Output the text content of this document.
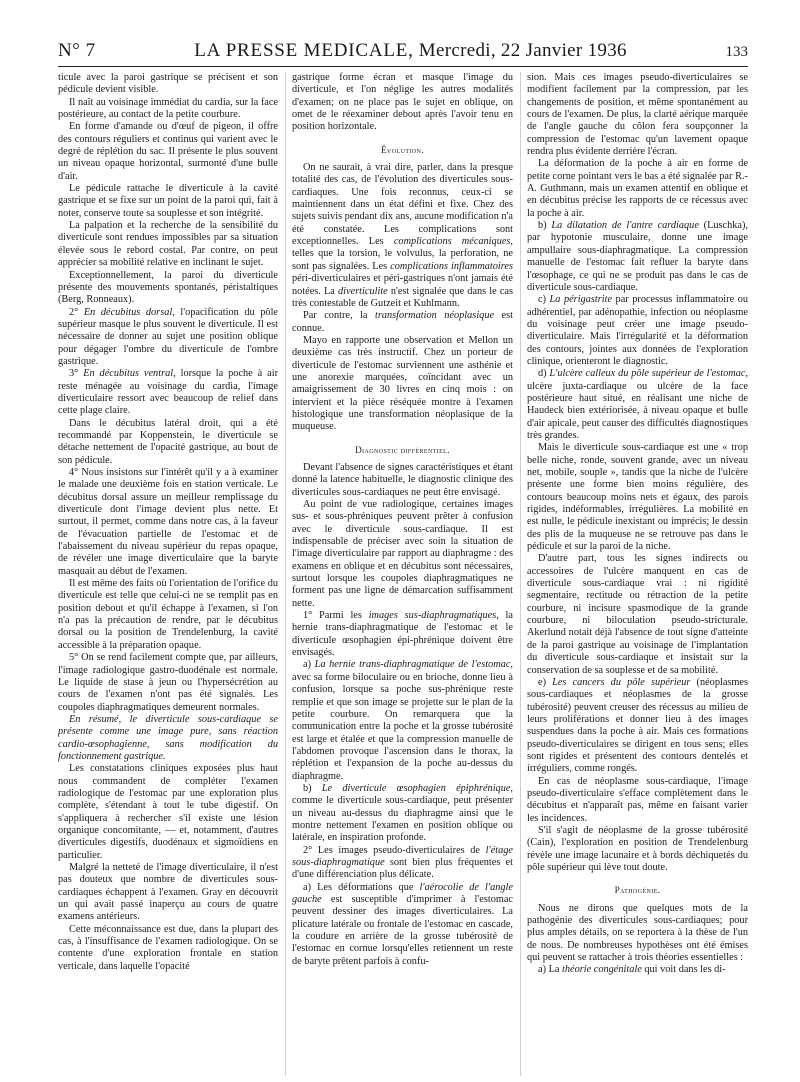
N° 7	LA PRESSE MEDICALE, Mercredi, 22 Janvier 1936	133

ticule avec la paroi gastrique se précisent et son pédicule devient visible.

Il naît au voisinage immédiat du cardia, sur la face postérieure, au contact de la petite courbure.

En forme d'amande ou d'œuf de pigeon, il offre des contours réguliers et continus qui varient avec le degré de réplétion du sac. Il présente le plus souvent un niveau opaque horizontal, surmonté d'une bulle d'air.

Le pédicule rattache le diverticule à la cavité gastrique et se fixe sur un point de la paroi qui, fait à noter, conserve toute sa souplesse et son intégrité.

La palpation et la recherche de la sensibilité du diverticule sont rendues impossibles par sa situation élevée sous le rebord costal. Par contre, on peut apprécier sa mobilité relative en inclinant le sujet.

Exceptionnellement, la paroi du diverticule présente des mouvements spontanés, péristaltiques (Berg, Ronneaux).

2° En décubitus dorsal, l'opacification du pôle supérieur masque le plus souvent le diverticule. Il est nécessaire de donner au sujet une position oblique pour dégager l'ombre du diverticule de l'ombre gastrique.

3° En décubitus ventral, lorsque la poche à air reste ménagée au voisinage du cardia, l'image diverticulaire ressort avec beaucoup de relief dans cette plage claire.

Dans le décubitus latéral droit, qui a été recommandé par Koppenstein, le diverticule se détache nettement de l'opacité gastrique, au bout de son pédicule.

4° Nous insistons sur l'intérêt qu'il y a à examiner le malade une deuxième fois en station verticale. Le décubitus dorsal assure un meilleur remplissage du diverticule dont l'image devient plus nette. Et surtout, il permet, comme dans notre cas, à la faveur de l'évacuation partielle de l'estomac et de l'abaissement du niveau supérieur du repas opaque, de révéler une image diverticulaire que la baryte masquait au début de l'examen.

Il est même des faits où l'orientation de l'orifice du diverticule est telle que celui-ci ne se remplit pas en position debout et qu'il échappe à l'examen, si l'on n'a pas la précaution de rendre, par le décubitus dorsal ou la position de Trendelenburg, la cavité accessible à la préparation opaque.

5° On se rend facilement compte que, par ailleurs, l'image radiologique gastro-duodénale est normale. Le liquide de stase à jeun ou l'hypersécrétion au cours de l'examen n'ont pas été signalés. Les coupoles diaphragmatiques demeurent normales.

En résumé, le diverticule sous-cardiaque se présente comme une image pure, sans réaction cardio-œsophagienne, sans modification du fonctionnement gastrique.

Les constatations cliniques exposées plus haut nous commandent de compléter l'examen radiologique de l'estomac par une exploration plus complète, s'étendant à tout le tube digestif. On s'appliquera à rechercher s'il existe une lésion organique concomitante, — et, notamment, d'autres diverticules digestifs, duodénaux et sigmoïdiens en particulier.

Malgré la netteté de l'image diverticulaire, il n'est pas douteux que nombre de diverticules sous-cardiaques échappent à l'examen. Gray en découvrit un qui avait passé inaperçu au cours de quatre examens antérieurs.

Cette méconnaissance est due, dans la plupart des cas, à l'insuffisance de l'examen radiologique. On se contente d'une exploration frontale en station verticale, dans laquelle l'opacité

gastrique forme écran et masque l'image du diverticule, et l'on néglige les autres modalités d'examen; on ne place pas le sujet en oblique, on omet de le réexaminer debout après l'avoir tenu en position horizontale.

Évolution.

On ne saurait, à vrai dire, parler, dans la presque totalité des cas, de l'évolution des diverticules sous-cardiaques. Une fois reconnus, ceux-ci se maintiennent dans un état défini et fixe. Chez des sujets suivis pendant dix ans, aucune modification n'a été constatée. Les complications sont exceptionnelles. Les complications mécaniques, telles que la torsion, le volvulus, la perforation, ne sont pas signalées. Les complications inflammatoires péri-diverticulaires et péri-gastriques n'ont jamais été notées. La diverticulite n'est signalée que dans le cas très contestable de Gutzeit et Kuhlmann.

Par contre, la transformation néoplasique est connue.

Mayo en rapporte une observation et Mellon un deuxième cas très instructif. Chez un porteur de diverticule de l'estomac surviennent une asthénie et une anorexie marquées, coïncidant avec un amaigrissement de 30 livres en cinq mois : on intervient et la pièce réséquée montre à l'examen histologique une transformation néoplasique de la muqueuse.

Diagnostic différentiel.

Devant l'absence de signes caractéristiques et étant donné la latence habituelle, le diagnostic clinique des diverticules sous-cardiaques ne peut être envisagé.

Au point de vue radiologique, certaines images sus- et sous-phréniques peuvent prêter à confusion avec le diverticule sous-cardiaque. Il est indispensable de préciser avec soin la situation de l'image diverticulaire par rapport au diaphragme : des examens en oblique et en décubitus sont nécessaires, surtout lorsque les coupoles diaphragmatiques ne forment pas une ligne de démarcation suffisamment nette.

1° Parmi les images sus-diaphragmatiques, la hernie trans-diaphragmatique de l'estomac et le diverticule œsophagien épi-phrénique doivent être envisagés.

a) La hernie trans-diaphragmatique de l'estomac, avec sa forme biloculaire ou en brioche, donne lieu à confusion, lorsque sa poche sus-phrénique reste remplie et que son image se projette sur le plan de la petite courbure. On remarquera que la communication entre la poche et la grosse tubérosité est large et étalée et que la compression manuelle de l'abdomen provoque l'ascension dans le thorax, la réplétion et l'expansion de la poche au-dessus du diaphragme.

b) Le diverticule œsophagien épiphrénique, comme le diverticule sous-cardiaque, peut présenter un niveau au-dessus du diaphragme ainsi que le montre nettement l'examen en position oblique ou latérale, en inspiration profonde.

2° Les images pseudo-diverticulaires de l'étage sous-diaphragmatique sont bien plus fréquentes et d'une différenciation plus délicate.

a) Les déformations que l'aérocolie de l'angle gauche est susceptible d'imprimer à l'estomac peuvent dessiner des images diverticulaires. La plicature latérale ou frontale de l'estomac en cascade, la coudure en arrière de la grosse tubérosité de l'estomac en cornue lorsqu'elles retiennent un reste de baryte prêtent parfois à confu-

sion. Mais ces images pseudo-diverticulaires se modifient facilement par la compression, par les changements de position, et même spontanément au cours de l'examen. De plus, la clarté aérique marquée de l'angle gauche du côlon fera soupçonner la compression de l'estomac qu'un lavement opaque rendra plus évidente derrière l'écran.

La déformation de la poche à air en forme de petite corne pointant vers le bas a été signalée par R.-A. Guthmann, mais un examen attentif en oblique et en décubitus précise les rapports de ce récessus avec la poche à air.

b) La dilatation de l'antre cardiaque (Luschka), par hypotonie musculaire, donne une image ampullaire sous-diaphragmatique. La compression manuelle de l'estomac fait refluer la baryte dans l'œsophage, ce qui ne se produit pas dans le cas de diverticule sous-cardiaque.

c) La périgastrite par processus inflammatoire ou adhérentiel, par adénopathie, infection ou néoplasme du voisinage peut créer une image pseudo-diverticulaire. Mais l'irrégularité et la déformation des contours, jointes aux données de l'exploration clinique, orienteront le diagnostic.

d) L'ulcère calleux du pôle supérieur de l'estomac, ulcère juxta-cardiaque ou ulcère de la face postérieure haut situé, en réalisant une niche de Haudeck bien extériorisée, à niveau opaque et bulle d'air apicale, peut causer des difficultés diagnostiques très grandes.

Mais le diverticule sous-cardiaque est une « trop belle niche, ronde, souvent grande, avec un niveau net, mobile, souple », tandis que la niche de l'ulcère présente une forme bien moins régulière, des contours beaucoup moins nets et égaux, des parois rigides, indéformables, irrégulières. La mobilité en est nulle, le pédicule inexistant ou imprécis; le dessin des plis de la muqueuse ne se retrouve pas dans le pédicule et sur la paroi de la niche.

D'autre part, tous les signes indirects ou accessoires de l'ulcère manquent en cas de diverticule sous-cardiaque vrai : ni rigidité segmentaire, rectitude ou rétraction de la petite courbure, ni incisure spasmodique de la grande courbure, ni biloculation pseudo-stricturale. Akerlund notait déjà l'absence de tout signe d'atteinte de la paroi gastrique au voisinage de l'implantation du diverticule sous-cardiaque et insistait sur la conservation de sa souplesse et de sa mobilité.

e) Les cancers du pôle supérieur (néoplasmes sous-cardiaques et néoplasmes de la grosse tubérosité) peuvent creuser des récessus au milieu de leurs proliférations et donner lieu à des images suspendues dans la poche à air. Mais ces formations pseudo-diverticulaires se dirigent en tous sens; elles sont rigides et présentent des contours dentelés et irréguliers, comme rongés.

En cas de néoplasme sous-cardiaque, l'image pseudo-diverticulaire s'efface complètement dans le décubitus et n'apparaît pas, même en faisant varier les incidences.

S'il s'agit de néoplasme de la grosse tubérosité (Cain), l'exploration en position de Trendelenburg révèle une image lacunaire et à bords déchiquetés du pôle supérieur qui lève tout doute.

Pathogénie.

Nous ne dirons que quelques mots de la pathogénie des diverticules sous-cardiaques; pour plus amples détails, on se reportera à la thèse de l'un de nous. De nombreuses hypothèses ont été émises qui peuvent se rattacher à trois théories essentielles :

a) La théorie congénitale qui voit dans les di-
